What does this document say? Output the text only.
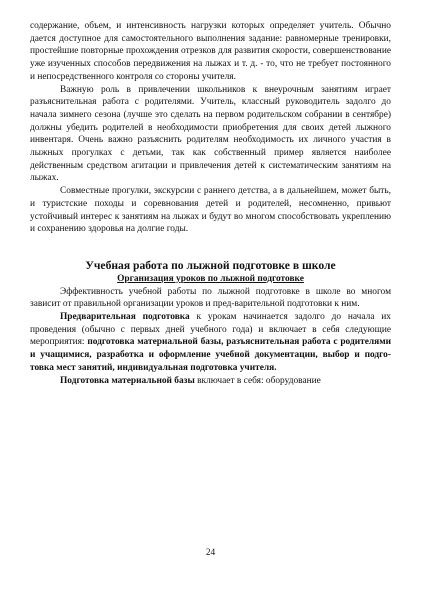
содержание, объем, и интенсивность нагрузки которых определяет учитель. Обычно дается доступное для самостоятельного выполнения задание: равномерные тренировки, простейшие повторные прохождения отрезков для развития скорости, совершенствование уже изученных способов передвижения на лыжах и т. д. - то, что не требует постоянного и непосредственного контроля со стороны учителя.

Важную роль в привлечении школьников к внеурочным занятиям играет разъяснительная работа с родителями. Учитель, классный руководитель задолго до начала зимнего сезона (лучше это сделать на первом родительском собрании в сентябре) должны убедить родителей в необходимости приобретения для своих детей лыжного инвентаря. Очень важно разъяснить родителям необходимость их личного участия в лыжных прогулках с детьми, так как собственный пример является наиболее действенным средством агитации и привлечения детей к систематическим занятиям на лыжах.

Совместные прогулки, экскурсии с раннего детства, а в дальнейшем, может быть, и туристские походы и соревнования детей и родителей, несомненно, привьют устойчивый интерес к занятиям на лыжах и будут во многом способствовать укреплению и сохранению здоровья на долгие годы.

Учебная работа по лыжной подготовке в школе

Организация уроков по лыжной подготовке

Эффективность учебной работы по лыжной подготовке в школе во многом зависит от правильной организации уроков и пред-варительной подготовки к ним.

Предварительная подготовка к урокам начинается задолго до начала их проведения (обычно с первых дней учебного года) и включает в себя следующие мероприятия: подготовка материальной базы, разъяснительная работа с родителями и учащимися, разработка и оформление учебной документации, выбор и подго-товка мест занятий, индивидуальная подготовка учителя.

Подготовка материальной базы включает в себя: оборудование

24
